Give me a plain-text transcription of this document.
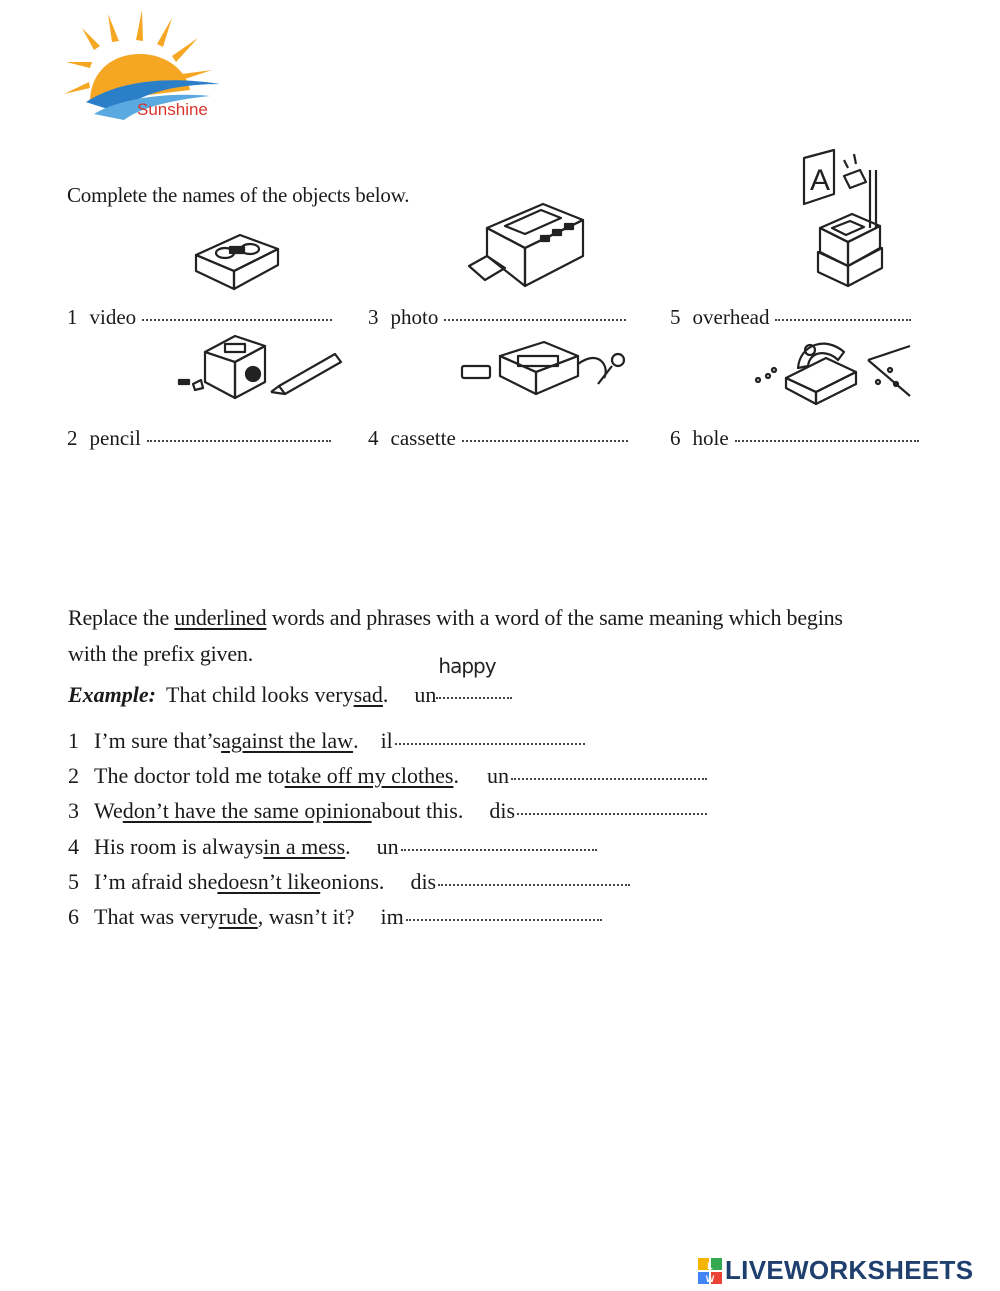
Sunshine
Complete the names of the objects below.	A
1 video	3 photo	5 overhead
2 pencil	4 cassette	6 hole
Replace the underlined words and phrases with a word of the same meaning which begins
with the prefix given.
Example: That child looks very sad . un
happy
1 I’m sure that’s against the law . il
2 The doctor told me to take off my clothes . un
3 We don’t have the same opinion about this. dis
4 His room is always in a mess . un
5 I’m afraid she doesn’t like onions. dis
6 That was very rude , wasn’t it? im
L
W LIVEWORKSHEETS
